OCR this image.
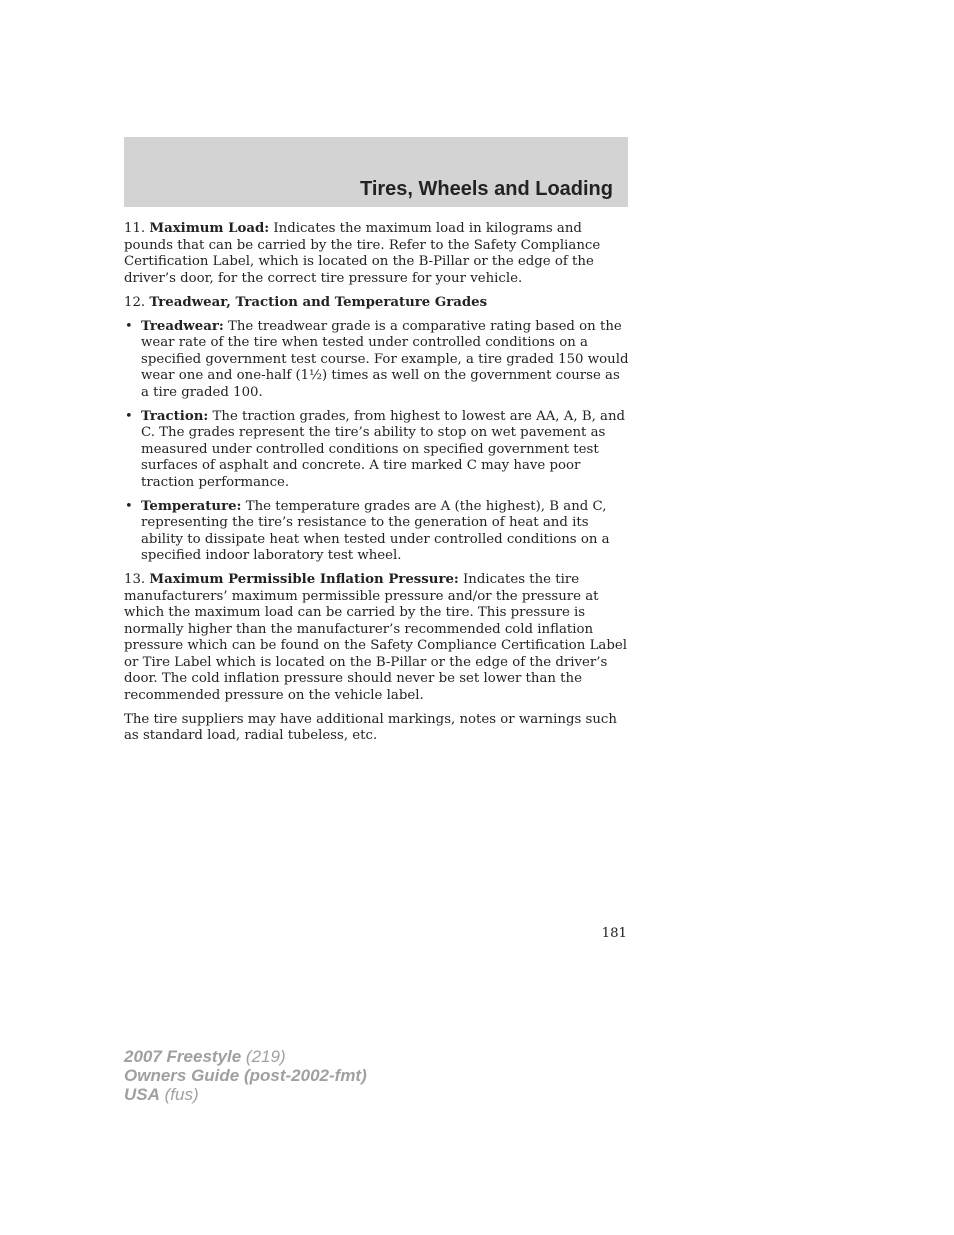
Tires, Wheels and Loading

11. Maximum Load: Indicates the maximum load in kilograms and pounds that can be carried by the tire. Refer to the Safety Compliance Certification Label, which is located on the B-Pillar or the edge of the driver’s door, for the correct tire pressure for your vehicle.

12. Treadwear, Traction and Temperature Grades

• Treadwear: The treadwear grade is a comparative rating based on the wear rate of the tire when tested under controlled conditions on a specified government test course. For example, a tire graded 150 would wear one and one-half (1½) times as well on the government course as a tire graded 100.
• Traction: The traction grades, from highest to lowest are AA, A, B, and C. The grades represent the tire’s ability to stop on wet pavement as measured under controlled conditions on specified government test surfaces of asphalt and concrete. A tire marked C may have poor traction performance.
• Temperature: The temperature grades are A (the highest), B and C, representing the tire’s resistance to the generation of heat and its ability to dissipate heat when tested under controlled conditions on a specified indoor laboratory test wheel.

13. Maximum Permissible Inflation Pressure: Indicates the tire manufacturers’ maximum permissible pressure and/or the pressure at which the maximum load can be carried by the tire. This pressure is normally higher than the manufacturer’s recommended cold inflation pressure which can be found on the Safety Compliance Certification Label or Tire Label which is located on the B-Pillar or the edge of the driver’s door. The cold inflation pressure should never be set lower than the recommended pressure on the vehicle label.

The tire suppliers may have additional markings, notes or warnings such as standard load, radial tubeless, etc.

181
2007 Freestyle (219)
Owners Guide (post-2002-fmt)
USA (fus)
